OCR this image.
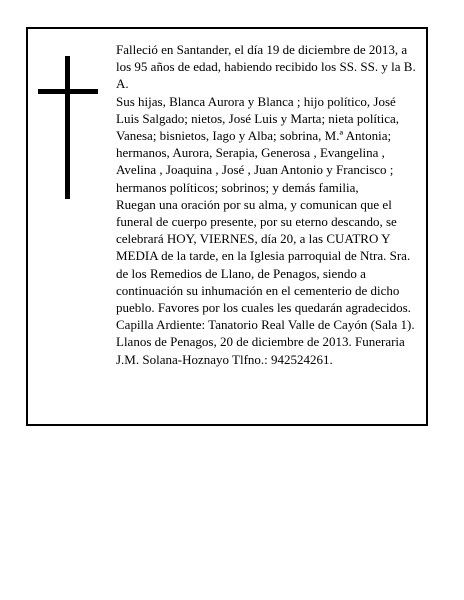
Falleció en Santander, el día 19 de diciembre de 2013, a los 95 años de edad, habiendo recibido los SS. SS. y la B. A.

Sus hijas, Blanca Aurora y Blanca ; hijo político, José Luis Salgado; nietos, José Luis y Marta; nieta política, Vanesa; bisnietos, Iago y Alba; sobrina, M.ª Antonia; hermanos, Aurora, Serapia, Generosa , Evangelina , Avelina , Joaquina , José , Juan Antonio y Francisco ; hermanos políticos; sobrinos; y demás familia,

Ruegan una oración por su alma, y comunican que el funeral de cuerpo presente, por su eterno descando, se celebrará HOY, VIERNES, día 20, a las CUATRO Y MEDIA de la tarde, en la Iglesia parroquial de Ntra. Sra. de los Remedios de Llano, de Penagos, siendo a continuación su inhumación en el cementerio de dicho pueblo. Favores por los cuales les quedarán agradecidos. Capilla Ardiente: Tanatorio Real Valle de Cayón (Sala 1).

Llanos de Penagos, 20 de diciembre de 2013. Funeraria J.M. Solana-Hoznayo Tlfno.: 942524261.
